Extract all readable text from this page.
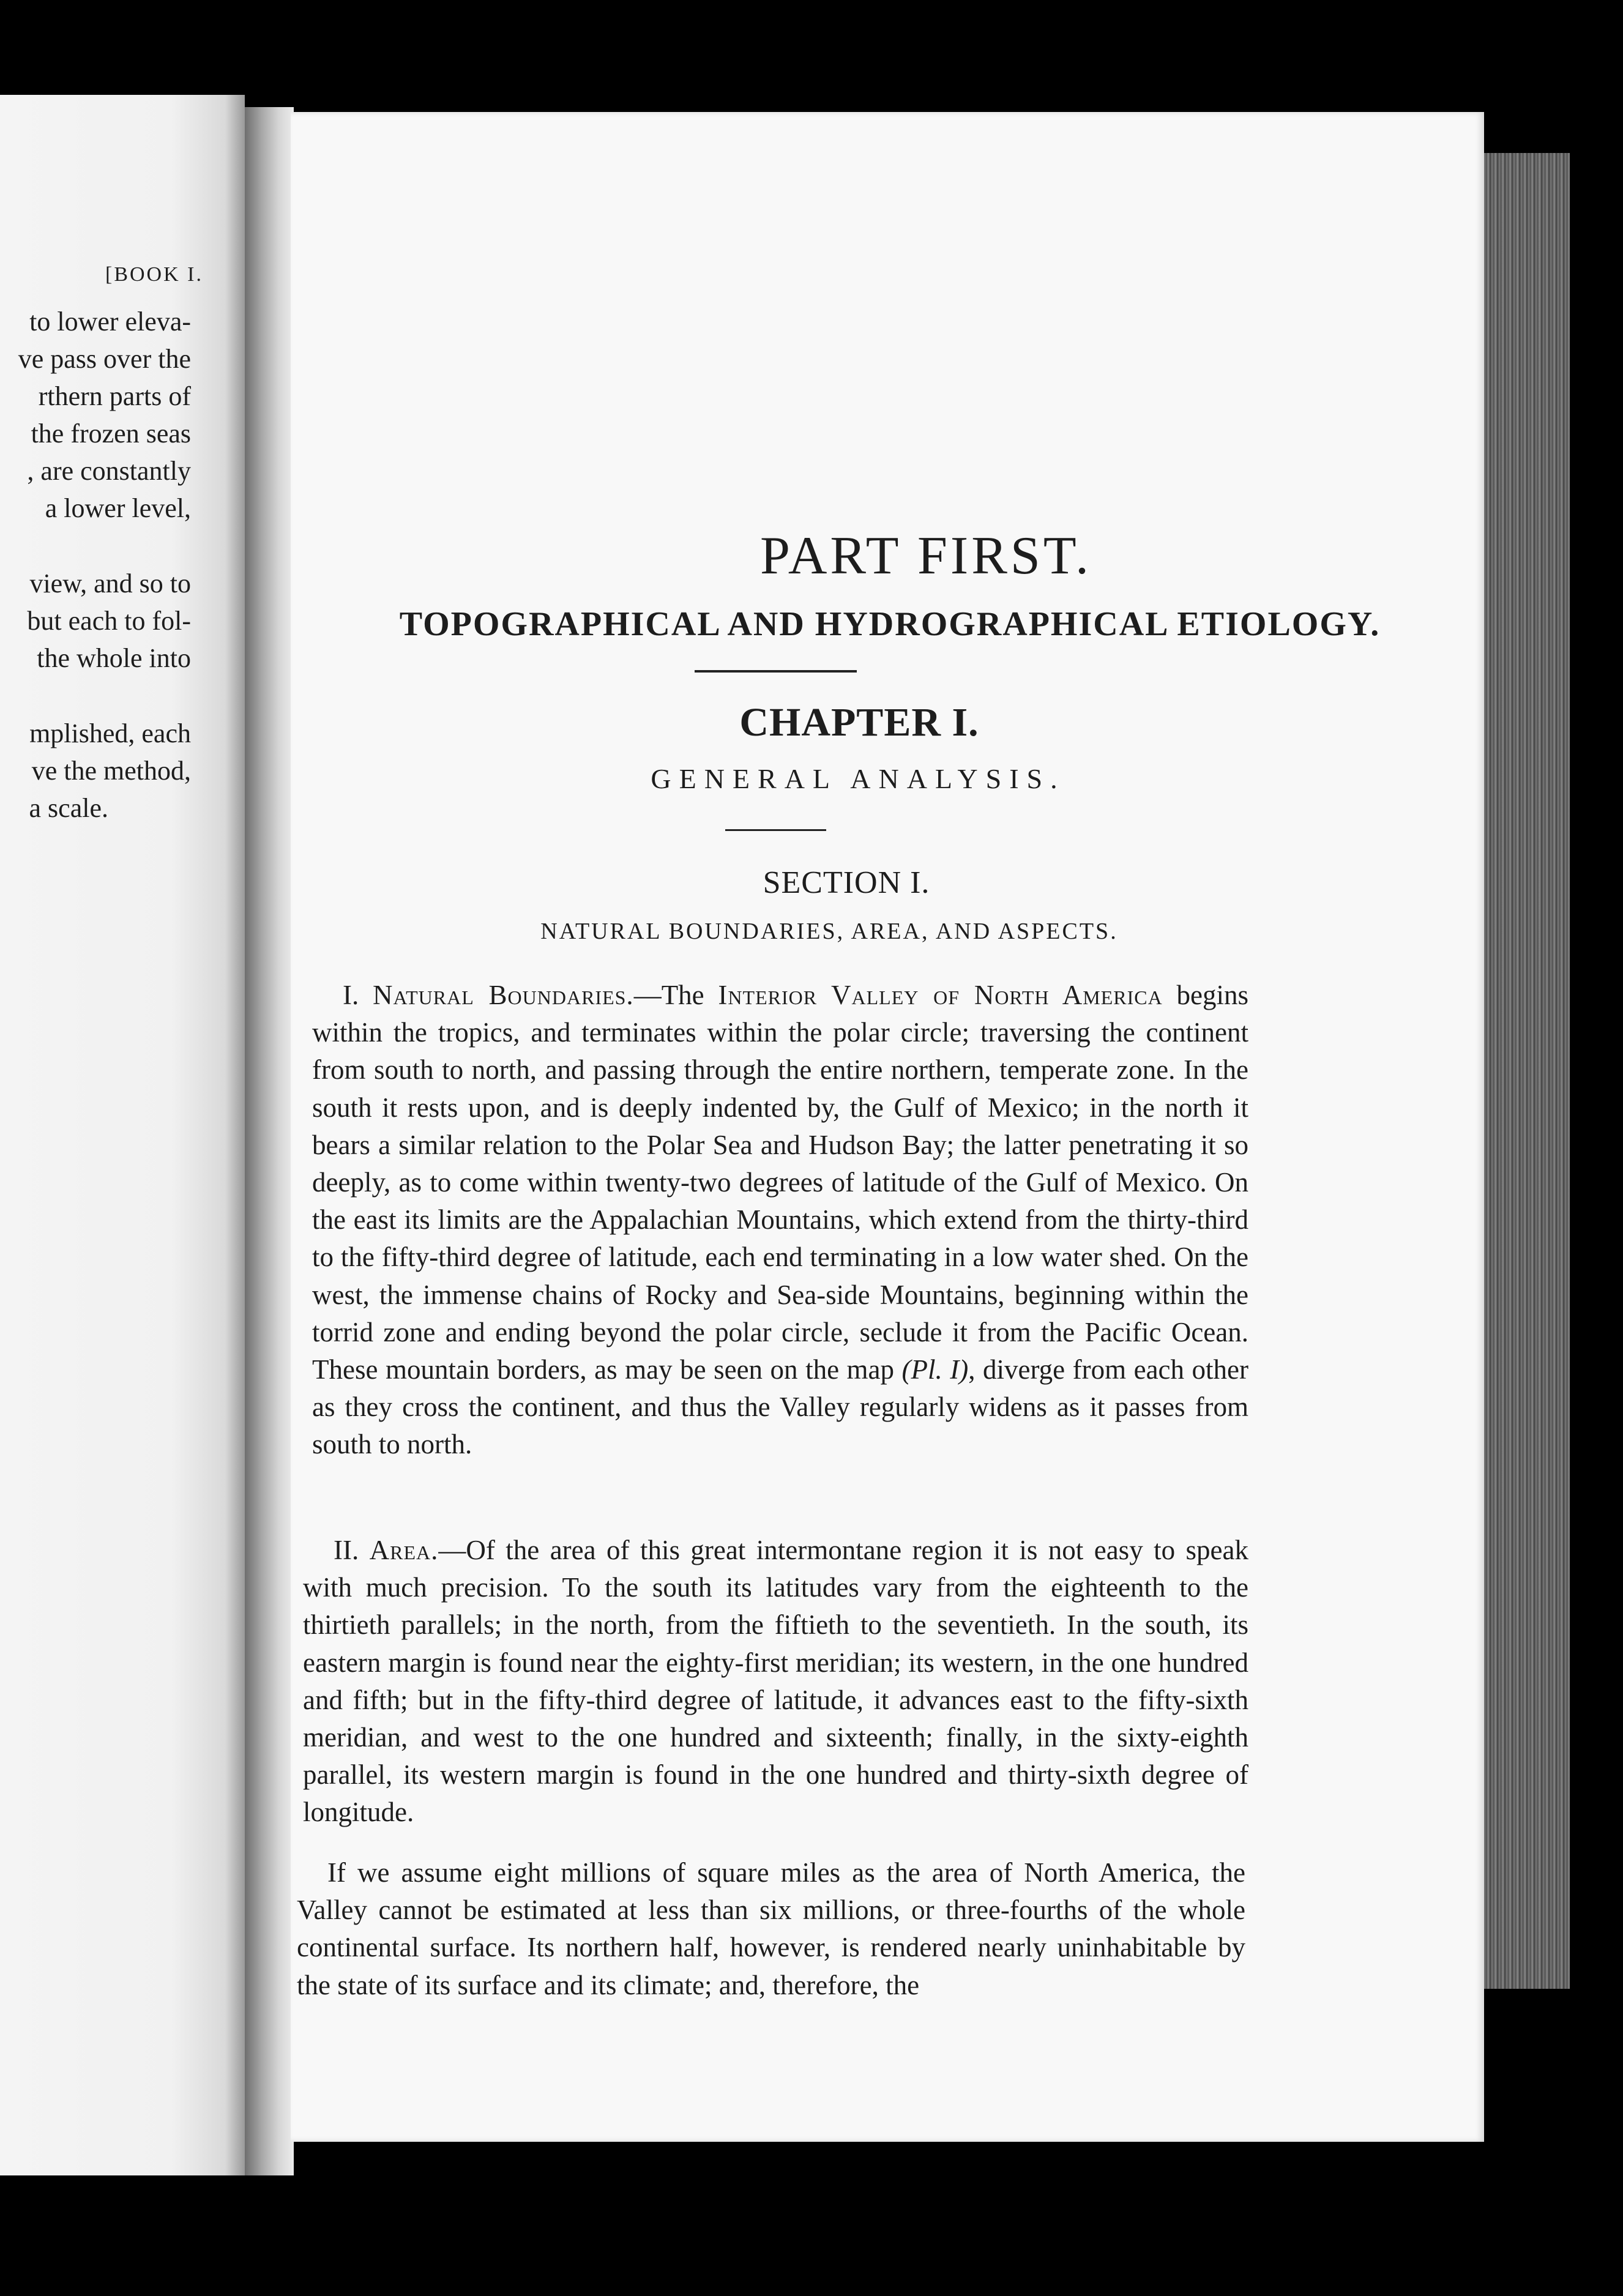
[BOOK I.
to lower eleva-
ve pass over the
rthern parts of
the frozen seas
, are constantly
a lower level,
view, and so to
but each to fol-
the whole into
mplished, each
ve the method,
a scale.
PART FIRST.
TOPOGRAPHICAL AND HYDROGRAPHICAL ETIOLOGY.
CHAPTER I.
GENERAL ANALYSIS.
SECTION I.
NATURAL BOUNDARIES, AREA, AND ASPECTS.

I. Natural Boundaries.—The Interior Valley of North America begins within the tropics, and terminates within the polar circle; traversing the continent from south to north, and passing through the entire northern, temperate zone. In the south it rests upon, and is deeply indented by, the Gulf of Mexico; in the north it bears a similar relation to the Polar Sea and Hudson Bay; the latter penetrating it so deeply, as to come within twenty-two degrees of latitude of the Gulf of Mexico. On the east its limits are the Appalachian Mountains, which extend from the thirty-third to the fifty-third degree of latitude, each end terminating in a low water shed. On the west, the immense chains of Rocky and Sea-side Mountains, beginning within the torrid zone and ending beyond the polar circle, seclude it from the Pacific Ocean. These mountain borders, as may be seen on the map (Pl. I), diverge from each other as they cross the continent, and thus the Valley regularly widens as it passes from south to north.

II. Area.—Of the area of this great intermontane region it is not easy to speak with much precision. To the south its latitudes vary from the eighteenth to the thirtieth parallels; in the north, from the fiftieth to the seventieth. In the south, its eastern margin is found near the eighty-first meridian; its western, in the one hundred and fifth; but in the fifty-third degree of latitude, it advances east to the fifty-sixth meridian, and west to the one hundred and sixteenth; finally, in the sixty-eighth parallel, its western margin is found in the one hundred and thirty-sixth degree of longitude.

If we assume eight millions of square miles as the area of North America, the Valley cannot be estimated at less than six millions, or three-fourths of the whole continental surface. Its northern half, however, is rendered nearly uninhabitable by the state of its surface and its climate; and, therefore, the
